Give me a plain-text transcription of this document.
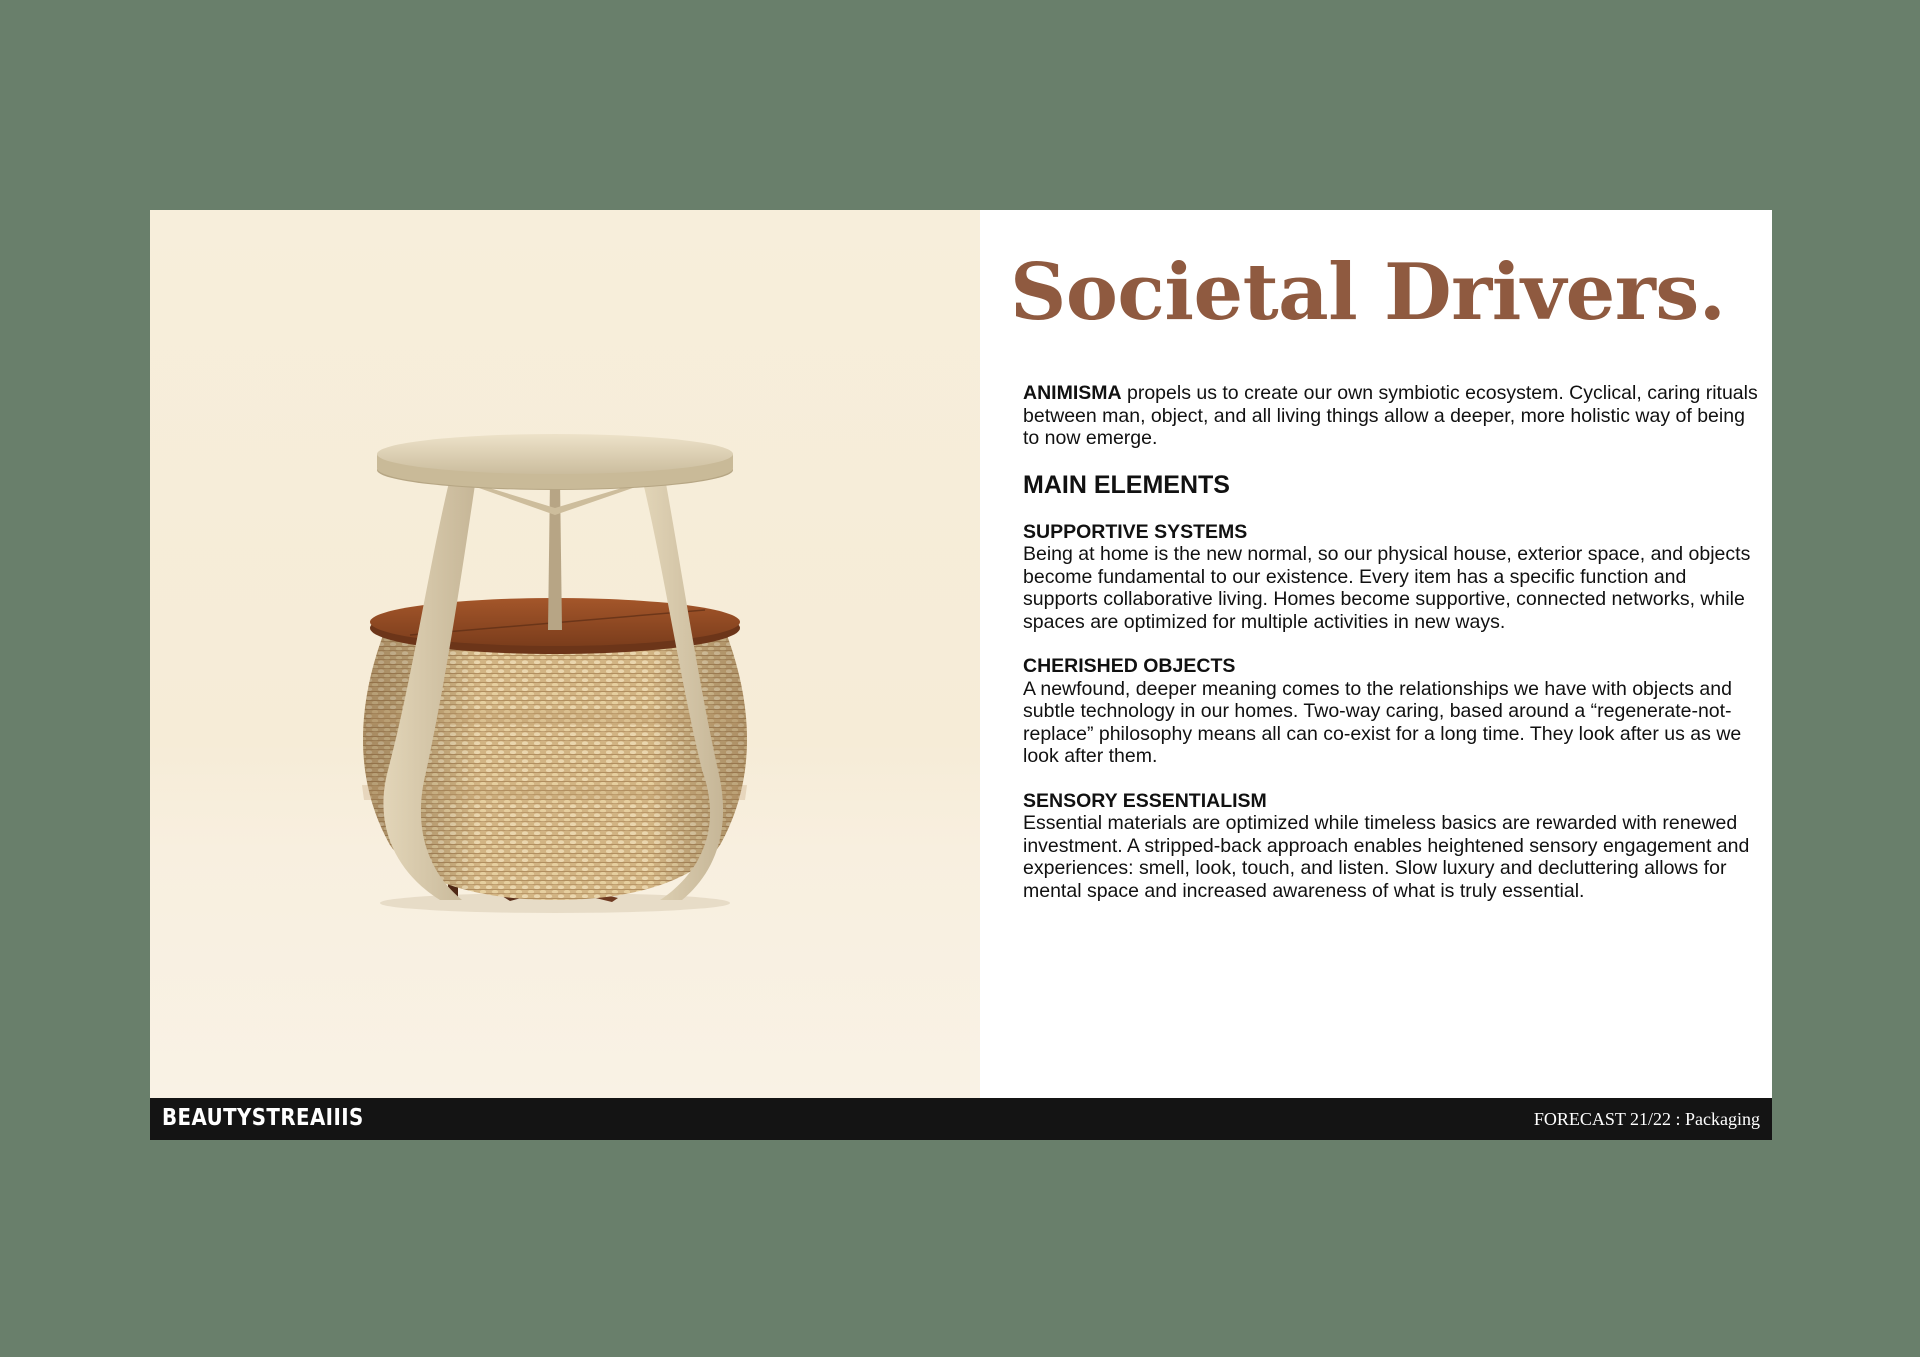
Societal Drivers.

ANIMISMA propels us to create our own symbiotic ecosystem. Cyclical, caring rituals between man, object, and all living things allow a deeper, more holistic way of being to now emerge.

MAIN ELEMENTS
SUPPORTIVE SYSTEMS

Being at home is the new normal, so our physical house, exterior space, and objects become fundamental to our existence. Every item has a specific function and supports collaborative living. Homes become supportive, connected networks, while spaces are optimized for multiple activities in new ways.

CHERISHED OBJECTS

A newfound, deeper meaning comes to the relationships we have with objects and subtle technology in our homes. Two-way caring, based around a “regenerate-not-replace” philosophy means all can co-exist for a long time. They look after us as we look after them.

SENSORY ESSENTIALISM

Essential materials are optimized while timeless basics are rewarded with renewed investment. A stripped-back approach enables heightened sensory engagement and experiences: smell, look, touch, and listen. Slow luxury and decluttering allows for mental space and increased awareness of what is truly essential.

BEAUTYSTREAIIIS	FORECAST 21/22 : Packaging
